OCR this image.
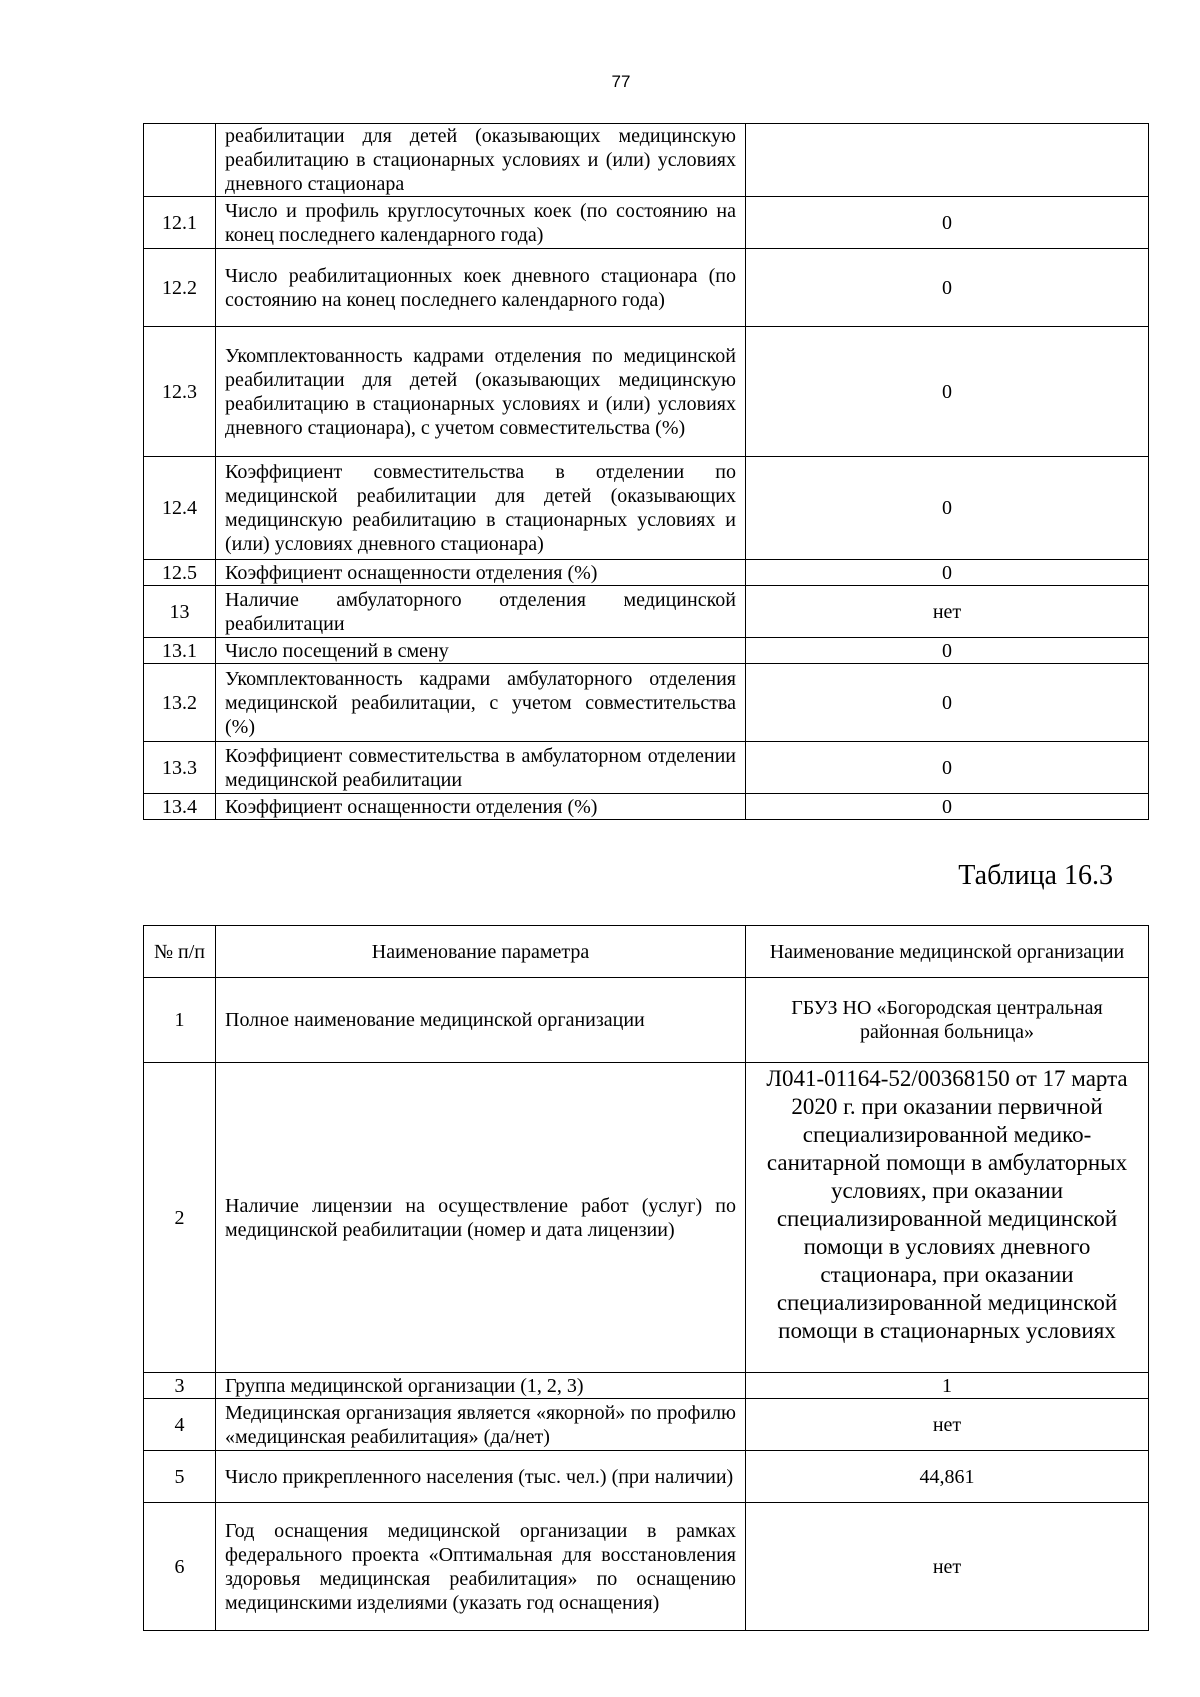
77
	реабилитации для детей (оказывающих медицинскую реабилитацию в стационарных условиях и (или) условиях дневного стационара	
12.1	Число и профиль круглосуточных коек (по состоянию на конец последнего календарного года)	0
12.2	Число реабилитационных коек дневного стационара (по состоянию на конец последнего календарного года)	0
12.3	Укомплектованность кадрами отделения по медицинской реабилитации для детей (оказывающих медицинскую реабилитацию в стационарных условиях и (или) условиях дневного стационара), с учетом совместительства (%)	0
12.4	Коэффициент совместительства в отделении по медицинской реабилитации для детей (оказывающих медицинскую реабилитацию в стационарных условиях и (или) условиях дневного стационара)	0
12.5	Коэффициент оснащенности отделения (%)	0
13	Наличие амбулаторного отделения медицинской реабилитации	нет
13.1	Число посещений в смену	0
13.2	Укомплектованность кадрами амбулаторного отделения медицинской реабилитации, с учетом совместительства (%)	0
13.3	Коэффициент совместительства в амбулаторном отделении медицинской реабилитации	0
13.4	Коэффициент оснащенности отделения (%)	0
Таблица 16.3
№ п/п	Наименование параметра	Наименование медицинской организации
1	Полное наименование медицинской организации	ГБУЗ НО «Богородская центральная районная больница»
2	Наличие лицензии на осуществление работ (услуг) по медицинской реабилитации (номер и дата лицензии)	Л041-01164-52/00368150 от 17 марта 2020 г. при оказании первичной специализированной медико-санитарной помощи в амбулаторных условиях, при оказании специализированной медицинской помощи в условиях дневного стационара, при оказании специализированной медицинской помощи в стационарных условиях
3	Группа медицинской организации (1, 2, 3)	1
4	Медицинская организация является «якорной» по профилю «медицинская реабилитация» (да/нет)	нет
5	Число прикрепленного населения (тыс. чел.) (при наличии)	44,861
6	Год оснащения медицинской организации в рамках федерального проекта «Оптимальная для восстановления здоровья медицинская реабилитация» по оснащению медицинскими изделиями (указать год оснащения)	нет
